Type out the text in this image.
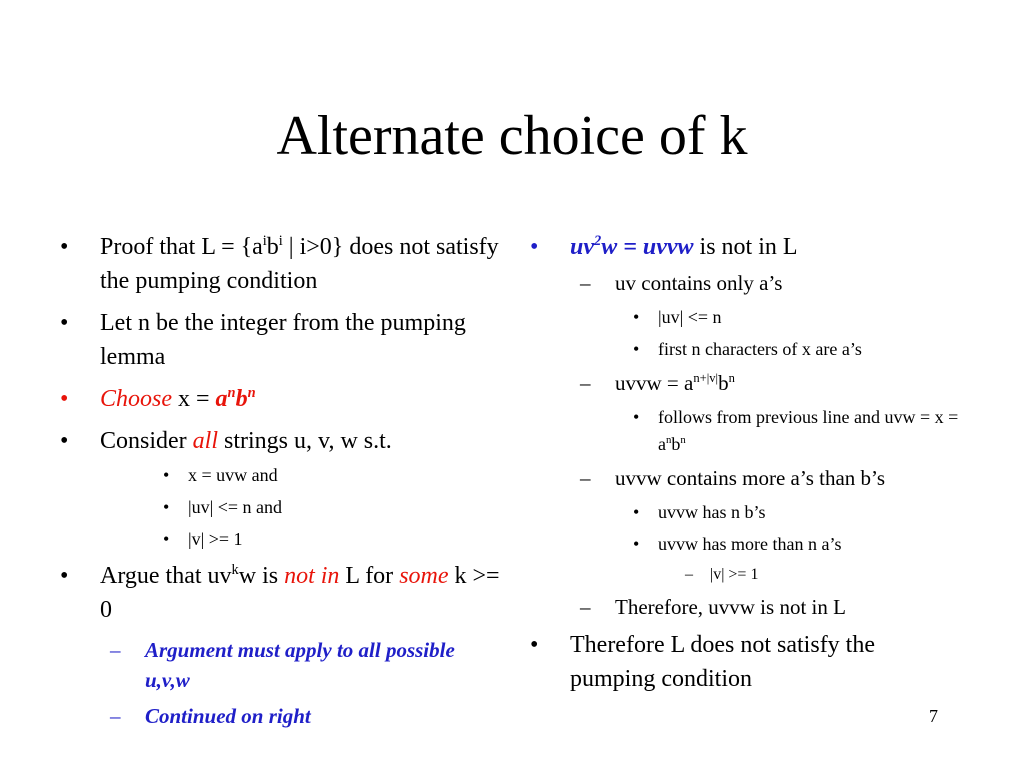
Alternate choice of k
• Proof that $L = \{a^ib^i$ | i>0} does not satisfy the pumping condition
• Let n be the integer from the pumping lemma
• Choose $x = a^nb^n$
• Consider all strings u, v, w s.t.
• x = uvw and
• |uv| <= n and
• |v| >= 1
• Argue that $uv^kw$ is not in L for some k >= 0
– Argument must apply to all possible u,v,w
– Continued on right
• $uv^2w$ = uvvw is not in L
– uv contains only a’s
• |uv| <= n
• first n characters of x are a’s
– uvvw = $a^{n+|v|}b^n$
• follows from previous line and uvw = $x = a^nb^n$
– uvvw contains more a’s than b’s
• uvvw has n b’s
• uvvw has more than n a’s
– |v| >= 1
– Therefore, uvvw is not in L
• Therefore L does not satisfy the pumping condition
7
